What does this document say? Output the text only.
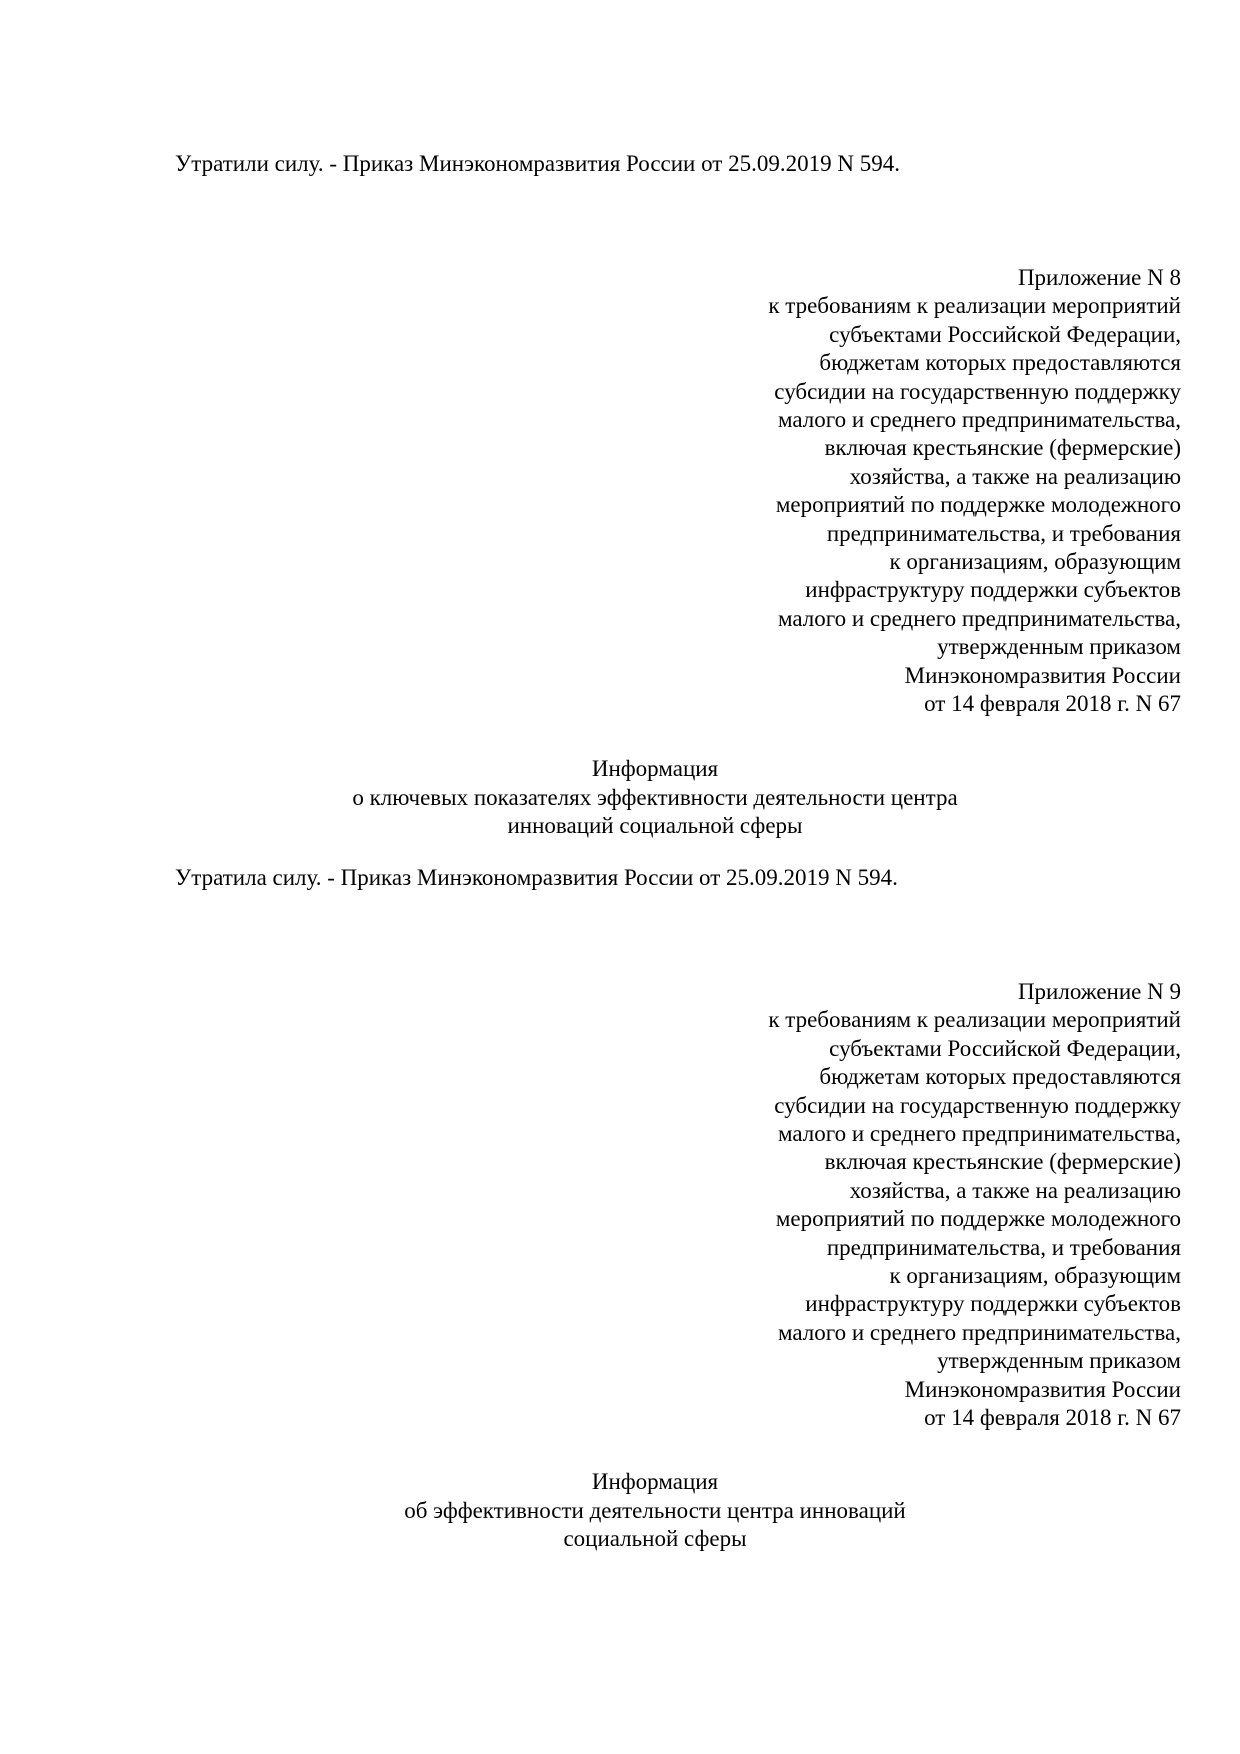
Утратили силу. - Приказ Минэкономразвития России от 25.09.2019 N 594.
Приложение N 8
к требованиям к реализации мероприятий
субъектами Российской Федерации,
бюджетам которых предоставляются
субсидии на государственную поддержку
малого и среднего предпринимательства,
включая крестьянские (фермерские)
хозяйства, а также на реализацию
мероприятий по поддержке молодежного
предпринимательства, и требования
к организациям, образующим
инфраструктуру поддержки субъектов
малого и среднего предпринимательства,
утвержденным приказом
Минэкономразвития России
от 14 февраля 2018 г. N 67
Информация
о ключевых показателях эффективности деятельности центра
инноваций социальной сферы
Утратила силу. - Приказ Минэкономразвития России от 25.09.2019 N 594.
Приложение N 9
к требованиям к реализации мероприятий
субъектами Российской Федерации,
бюджетам которых предоставляются
субсидии на государственную поддержку
малого и среднего предпринимательства,
включая крестьянские (фермерские)
хозяйства, а также на реализацию
мероприятий по поддержке молодежного
предпринимательства, и требования
к организациям, образующим
инфраструктуру поддержки субъектов
малого и среднего предпринимательства,
утвержденным приказом
Минэкономразвития России
от 14 февраля 2018 г. N 67
Информация
об эффективности деятельности центра инноваций
социальной сферы
